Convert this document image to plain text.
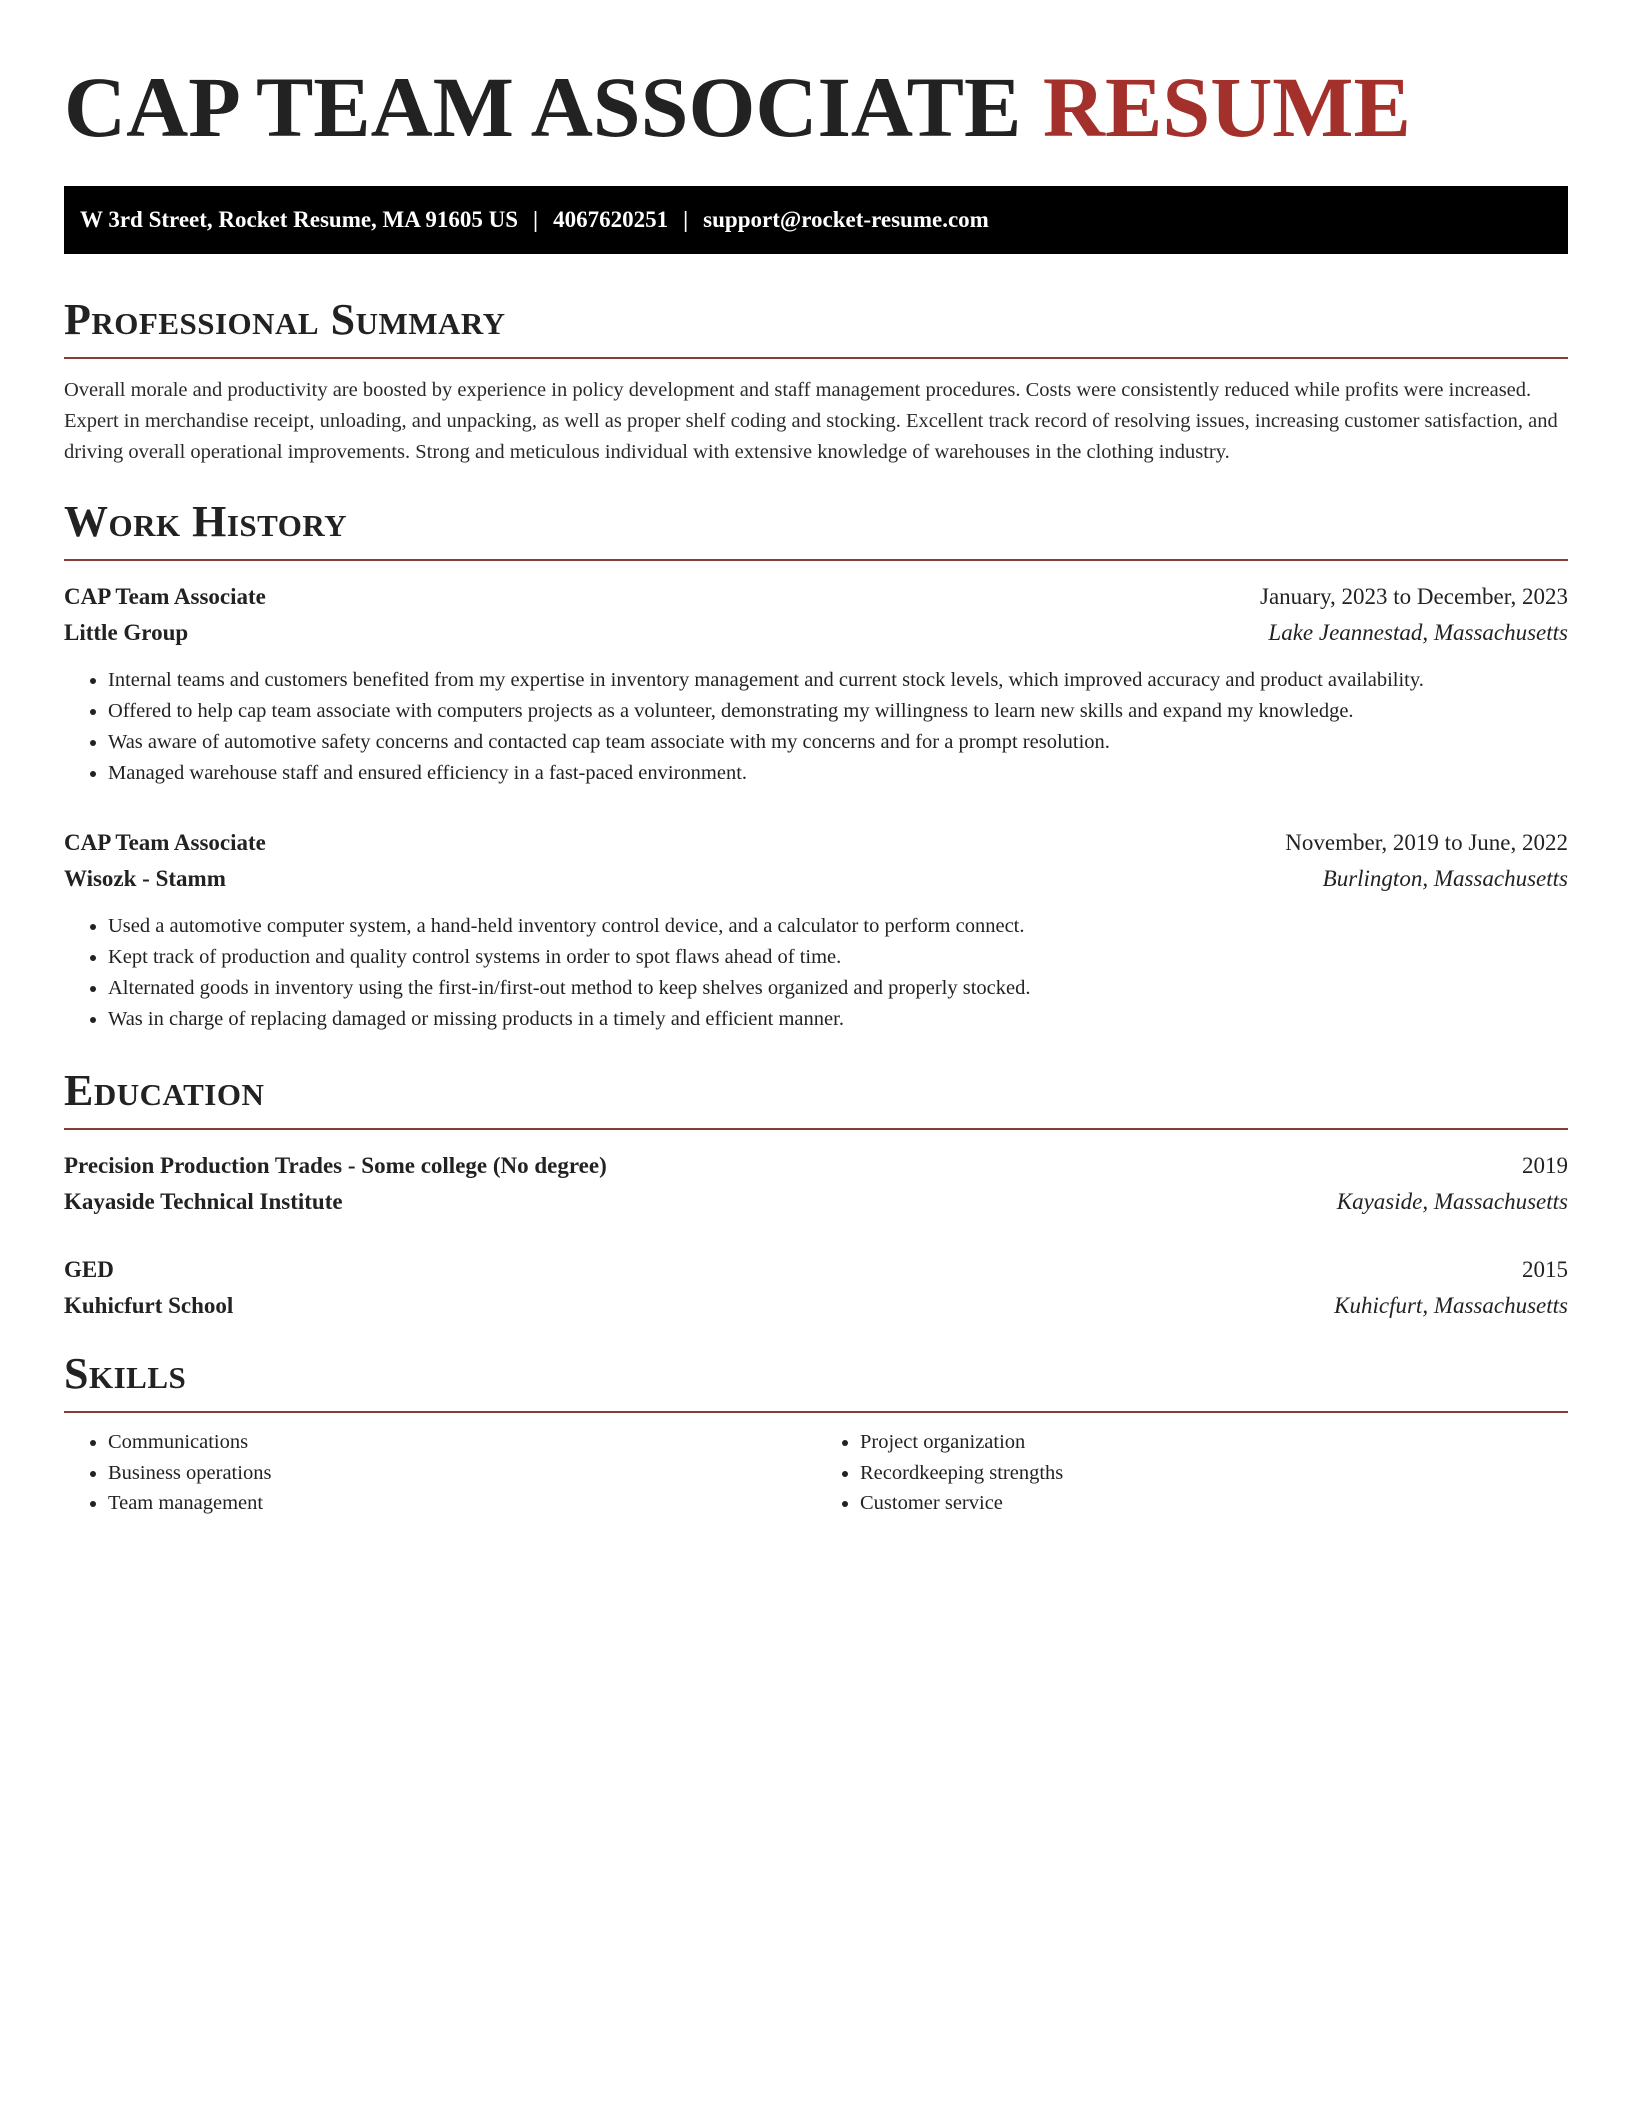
CAP TEAM ASSOCIATE RESUME
W 3rd Street, Rocket Resume, MA 91605 US | 4067620251 | support@rocket-resume.com
Professional Summary

Overall morale and productivity are boosted by experience in policy development and staff management procedures. Costs were consistently reduced while profits were increased. Expert in merchandise receipt, unloading, and unpacking, as well as proper shelf coding and stocking. Excellent track record of resolving issues, increasing customer satisfaction, and driving overall operational improvements. Strong and meticulous individual with extensive knowledge of warehouses in the clothing industry.

Work History
CAP Team Associate	January, 2023 to December, 2023
Little Group	Lake Jeannestad, Massachusetts
• Internal teams and customers benefited from my expertise in inventory management and current stock levels, which improved accuracy and product availability.
• Offered to help cap team associate with computers projects as a volunteer, demonstrating my willingness to learn new skills and expand my knowledge.
• Was aware of automotive safety concerns and contacted cap team associate with my concerns and for a prompt resolution.
• Managed warehouse staff and ensured efficiency in a fast-paced environment.
CAP Team Associate	November, 2019 to June, 2022
Wisozk - Stamm	Burlington, Massachusetts
• Used a automotive computer system, a hand-held inventory control device, and a calculator to perform connect.
• Kept track of production and quality control systems in order to spot flaws ahead of time.
• Alternated goods in inventory using the first-in/first-out method to keep shelves organized and properly stocked.
• Was in charge of replacing damaged or missing products in a timely and efficient manner.
Education
Precision Production Trades - Some college (No degree)	2019
Kayaside Technical Institute	Kayaside, Massachusetts
GED	2015
Kuhicfurt School	Kuhicfurt, Massachusetts
Skills
• Communications
• Business operations
• Team management
• Project organization
• Recordkeeping strengths
• Customer service
